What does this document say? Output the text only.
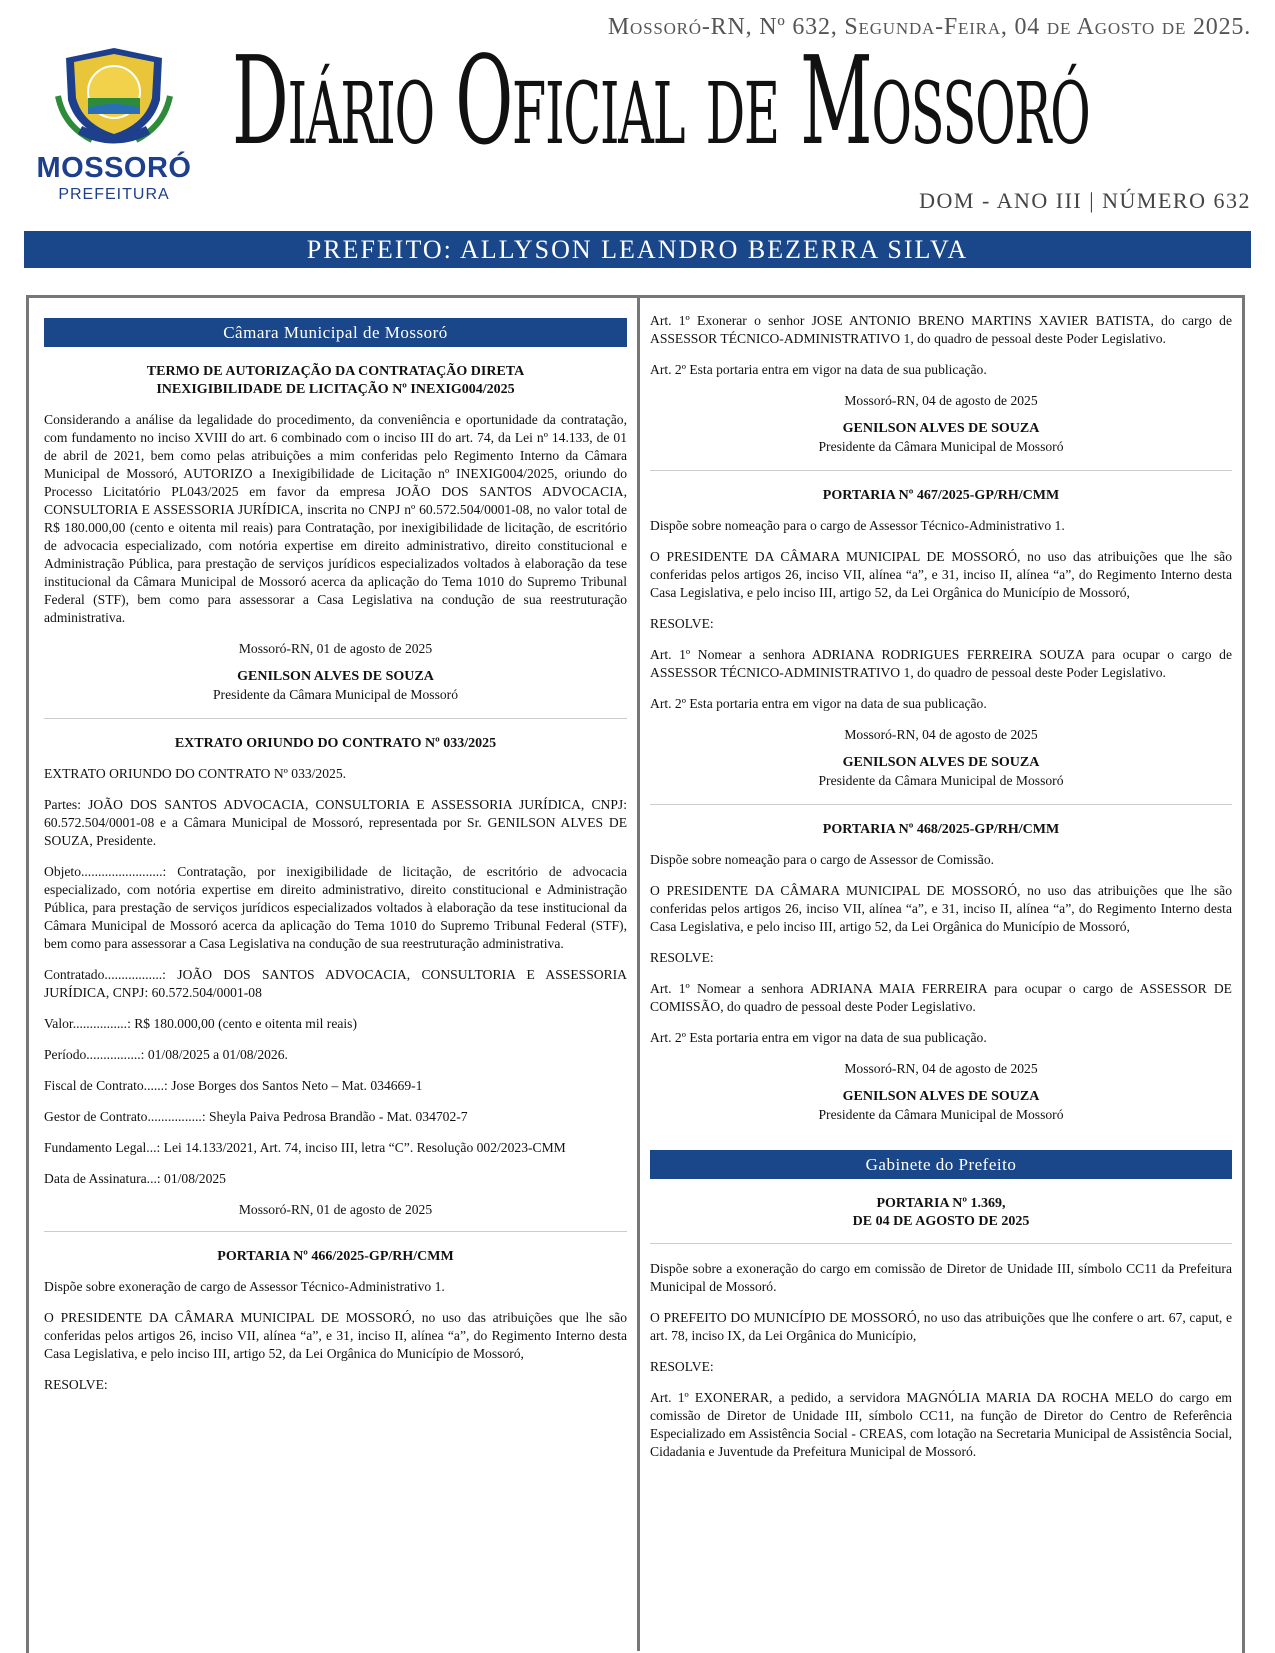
MOSSORÓ
PREFEITURA
Mossoró-RN, Nº 632, Segunda-Feira, 04 de Agosto de 2025.
Diário Oficial de Mossoró
DOM - ANO III | NÚMERO 632
PREFEITO: ALLYSON LEANDRO BEZERRA SILVA
Câmara Municipal de Mossoró
TERMO DE AUTORIZAÇÃO DA CONTRATAÇÃO DIRETA
INEXIGIBILIDADE DE LICITAÇÃO Nº INEXIG004/2025

Considerando a análise da legalidade do procedimento, da conveniência e oportunidade da contratação, com fundamento no inciso XVIII do art. 6 combinado com o inciso III do art. 74, da Lei nº 14.133, de 01 de abril de 2021, bem como pelas atribuições a mim conferidas pelo Regimento Interno da Câmara Municipal de Mossoró, AUTORIZO a Inexigibilidade de Licitação nº INEXIG004/2025, oriundo do Processo Licitatório PL043/2025 em favor da empresa JOÃO DOS SANTOS ADVOCACIA, CONSULTORIA E ASSESSORIA JURÍDICA, inscrita no CNPJ nº 60.572.504/0001-08, no valor total de R$ 180.000,00 (cento e oitenta mil reais) para Contratação, por inexigibilidade de licitação, de escritório de advocacia especializado, com notória expertise em direito administrativo, direito constitucional e Administração Pública, para prestação de serviços jurídicos especializados voltados à elaboração da tese institucional da Câmara Municipal de Mossoró acerca da aplicação do Tema 1010 do Supremo Tribunal Federal (STF), bem como para assessorar a Casa Legislativa na condução de sua reestruturação administrativa.

Mossoró-RN, 01 de agosto de 2025
GENILSON ALVES DE SOUZA
Presidente da Câmara Municipal de Mossoró
EXTRATO ORIUNDO DO CONTRATO Nº 033/2025

EXTRATO ORIUNDO DO CONTRATO Nº 033/2025.

Partes: JOÃO DOS SANTOS ADVOCACIA, CONSULTORIA E ASSESSORIA JURÍDICA, CNPJ: 60.572.504/0001-08 e a Câmara Municipal de Mossoró, representada por Sr. GENILSON ALVES DE SOUZA, Presidente.

Objeto........................: Contratação, por inexigibilidade de licitação, de escritório de advocacia especializado, com notória expertise em direito administrativo, direito constitucional e Administração Pública, para prestação de serviços jurídicos especializados voltados à elaboração da tese institucional da Câmara Municipal de Mossoró acerca da aplicação do Tema 1010 do Supremo Tribunal Federal (STF), bem como para assessorar a Casa Legislativa na condução de sua reestruturação administrativa.

Contratado.................: JOÃO DOS SANTOS ADVOCACIA, CONSULTORIA E ASSESSORIA JURÍDICA, CNPJ: 60.572.504/0001-08

Valor................: R$ 180.000,00 (cento e oitenta mil reais)

Período................: 01/08/2025 a 01/08/2026.

Fiscal de Contrato......: Jose Borges dos Santos Neto – Mat. 034669-1

Gestor de Contrato................: Sheyla Paiva Pedrosa Brandão - Mat. 034702-7

Fundamento Legal...: Lei 14.133/2021, Art. 74, inciso III, letra “C”. Resolução 002/2023-CMM

Data de Assinatura...: 01/08/2025

Mossoró-RN, 01 de agosto de 2025
PORTARIA Nº 466/2025-GP/RH/CMM

Dispõe sobre exoneração de cargo de Assessor Técnico-Administrativo 1.

O PRESIDENTE DA CÂMARA MUNICIPAL DE MOSSORÓ, no uso das atribuições que lhe são conferidas pelos artigos 26, inciso VII, alínea “a”, e 31, inciso II, alínea “a”, do Regimento Interno desta Casa Legislativa, e pelo inciso III, artigo 52, da Lei Orgânica do Município de Mossoró,

RESOLVE:

Art. 1º Exonerar o senhor JOSE ANTONIO BRENO MARTINS XAVIER BATISTA, do cargo de ASSESSOR TÉCNICO-ADMINISTRATIVO 1, do quadro de pessoal deste Poder Legislativo.

Art. 2º Esta portaria entra em vigor na data de sua publicação.

Mossoró-RN, 04 de agosto de 2025
GENILSON ALVES DE SOUZA
Presidente da Câmara Municipal de Mossoró
PORTARIA Nº 467/2025-GP/RH/CMM

Dispõe sobre nomeação para o cargo de Assessor Técnico-Administrativo 1.

O PRESIDENTE DA CÂMARA MUNICIPAL DE MOSSORÓ, no uso das atribuições que lhe são conferidas pelos artigos 26, inciso VII, alínea “a”, e 31, inciso II, alínea “a”, do Regimento Interno desta Casa Legislativa, e pelo inciso III, artigo 52, da Lei Orgânica do Município de Mossoró,

RESOLVE:

Art. 1º Nomear a senhora ADRIANA RODRIGUES FERREIRA SOUZA para ocupar o cargo de ASSESSOR TÉCNICO-ADMINISTRATIVO 1, do quadro de pessoal deste Poder Legislativo.

Art. 2º Esta portaria entra em vigor na data de sua publicação.

Mossoró-RN, 04 de agosto de 2025
GENILSON ALVES DE SOUZA
Presidente da Câmara Municipal de Mossoró
PORTARIA Nº 468/2025-GP/RH/CMM

Dispõe sobre nomeação para o cargo de Assessor de Comissão.

O PRESIDENTE DA CÂMARA MUNICIPAL DE MOSSORÓ, no uso das atribuições que lhe são conferidas pelos artigos 26, inciso VII, alínea “a”, e 31, inciso II, alínea “a”, do Regimento Interno desta Casa Legislativa, e pelo inciso III, artigo 52, da Lei Orgânica do Município de Mossoró,

RESOLVE:

Art. 1º Nomear a senhora ADRIANA MAIA FERREIRA para ocupar o cargo de ASSESSOR DE COMISSÃO, do quadro de pessoal deste Poder Legislativo.

Art. 2º Esta portaria entra em vigor na data de sua publicação.

Mossoró-RN, 04 de agosto de 2025
GENILSON ALVES DE SOUZA
Presidente da Câmara Municipal de Mossoró
Gabinete do Prefeito
PORTARIA Nº 1.369,
DE 04 DE AGOSTO DE 2025

Dispõe sobre a exoneração do cargo em comissão de Diretor de Unidade III, símbolo CC11 da Prefeitura Municipal de Mossoró.

O PREFEITO DO MUNICÍPIO DE MOSSORÓ, no uso das atribuições que lhe confere o art. 67, caput, e art. 78, inciso IX, da Lei Orgânica do Município,

RESOLVE:

Art. 1º EXONERAR, a pedido, a servidora MAGNÓLIA MARIA DA ROCHA MELO do cargo em comissão de Diretor de Unidade III, símbolo CC11, na função de Diretor do Centro de Referência Especializado em Assistência Social - CREAS, com lotação na Secretaria Municipal de Assistência Social, Cidadania e Juventude da Prefeitura Municipal de Mossoró.
